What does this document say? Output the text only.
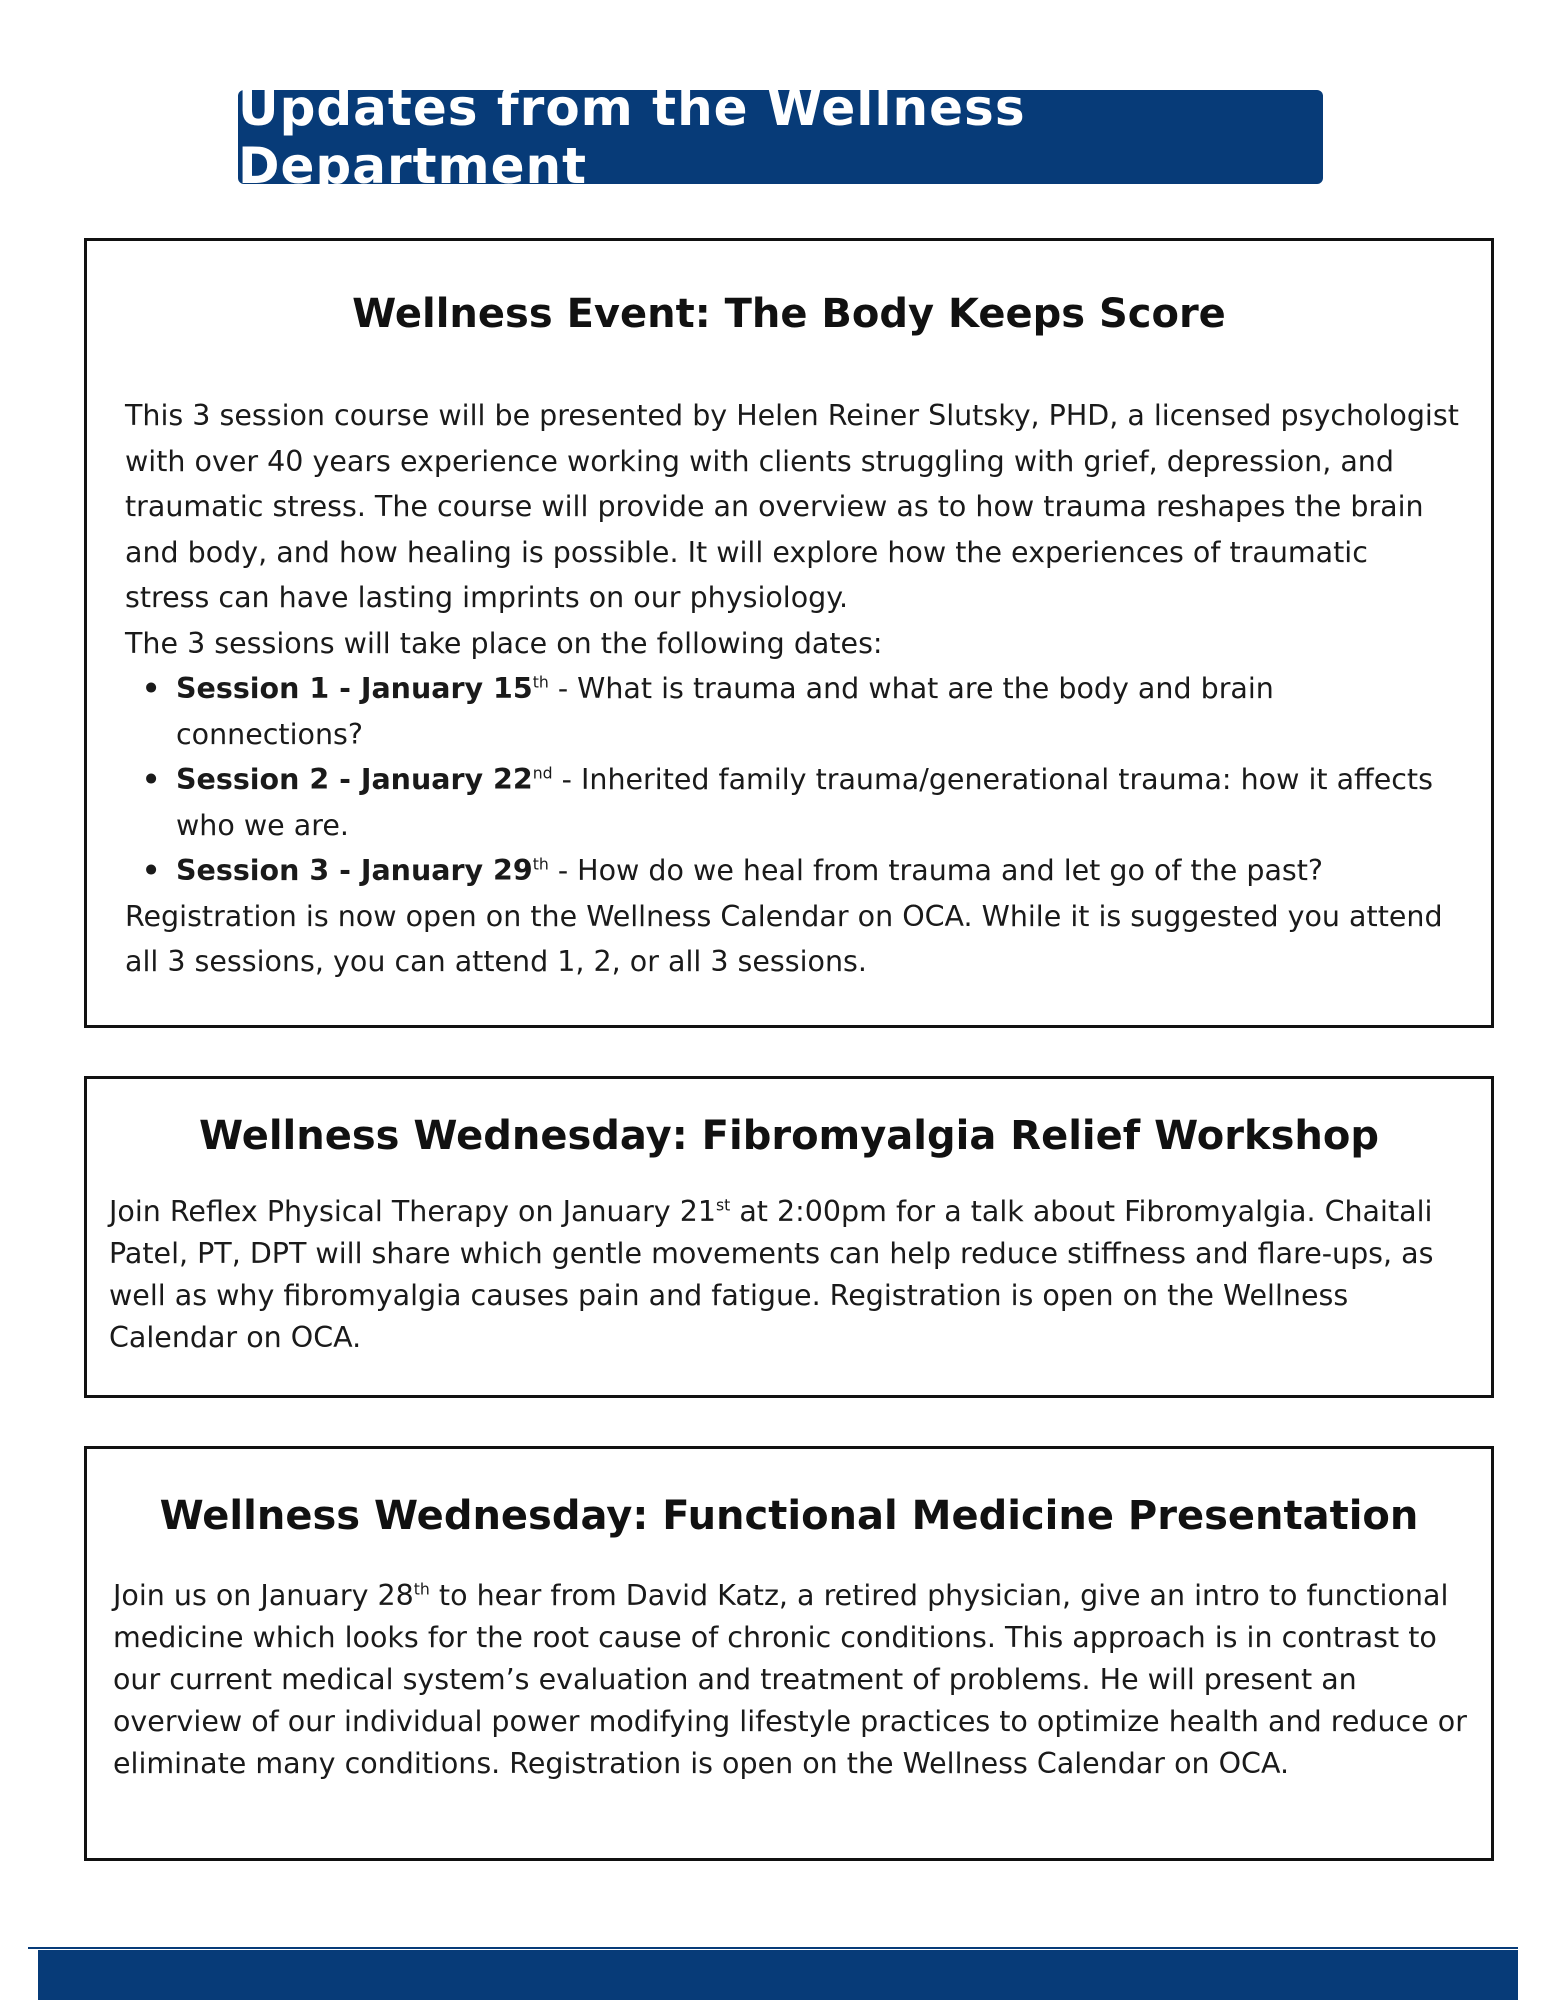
Updates from the Wellness Department
Wellness Event: The Body Keeps Score

This 3 session course will be presented by Helen Reiner Slutsky, PHD, a licensed psychologist with over 40 years experience working with clients struggling with grief, depression, and traumatic stress. The course will provide an overview as to how trauma reshapes the brain and body, and how healing is possible. It will explore how the experiences of traumatic stress can have lasting imprints on our physiology.

The 3 sessions will take place on the following dates:

• Session 1 - January 15th - What is trauma and what are the body and brain connections?
• Session 2 - January 22nd - Inherited family trauma/generational trauma: how it affects who we are.
• Session 3 - January 29th - How do we heal from trauma and let go of the past?

Registration is now open on the Wellness Calendar on OCA. While it is suggested you attend all 3 sessions, you can attend 1, 2, or all 3 sessions.

Wellness Wednesday: Fibromyalgia Relief Workshop

Join Reflex Physical Therapy on January 21st at 2:00pm for a talk about Fibromyalgia. Chaitali Patel, PT, DPT will share which gentle movements can help reduce stiffness and flare-ups, as well as why fibromyalgia causes pain and fatigue. Registration is open on the Wellness Calendar on OCA.

Wellness Wednesday: Functional Medicine Presentation

Join us on January 28th to hear from David Katz, a retired physician, give an intro to functional medicine which looks for the root cause of chronic conditions. This approach is in contrast to our current medical system’s evaluation and treatment of problems. He will present an overview of our individual power modifying lifestyle practices to optimize health and reduce or eliminate many conditions. Registration is open on the Wellness Calendar on OCA.
